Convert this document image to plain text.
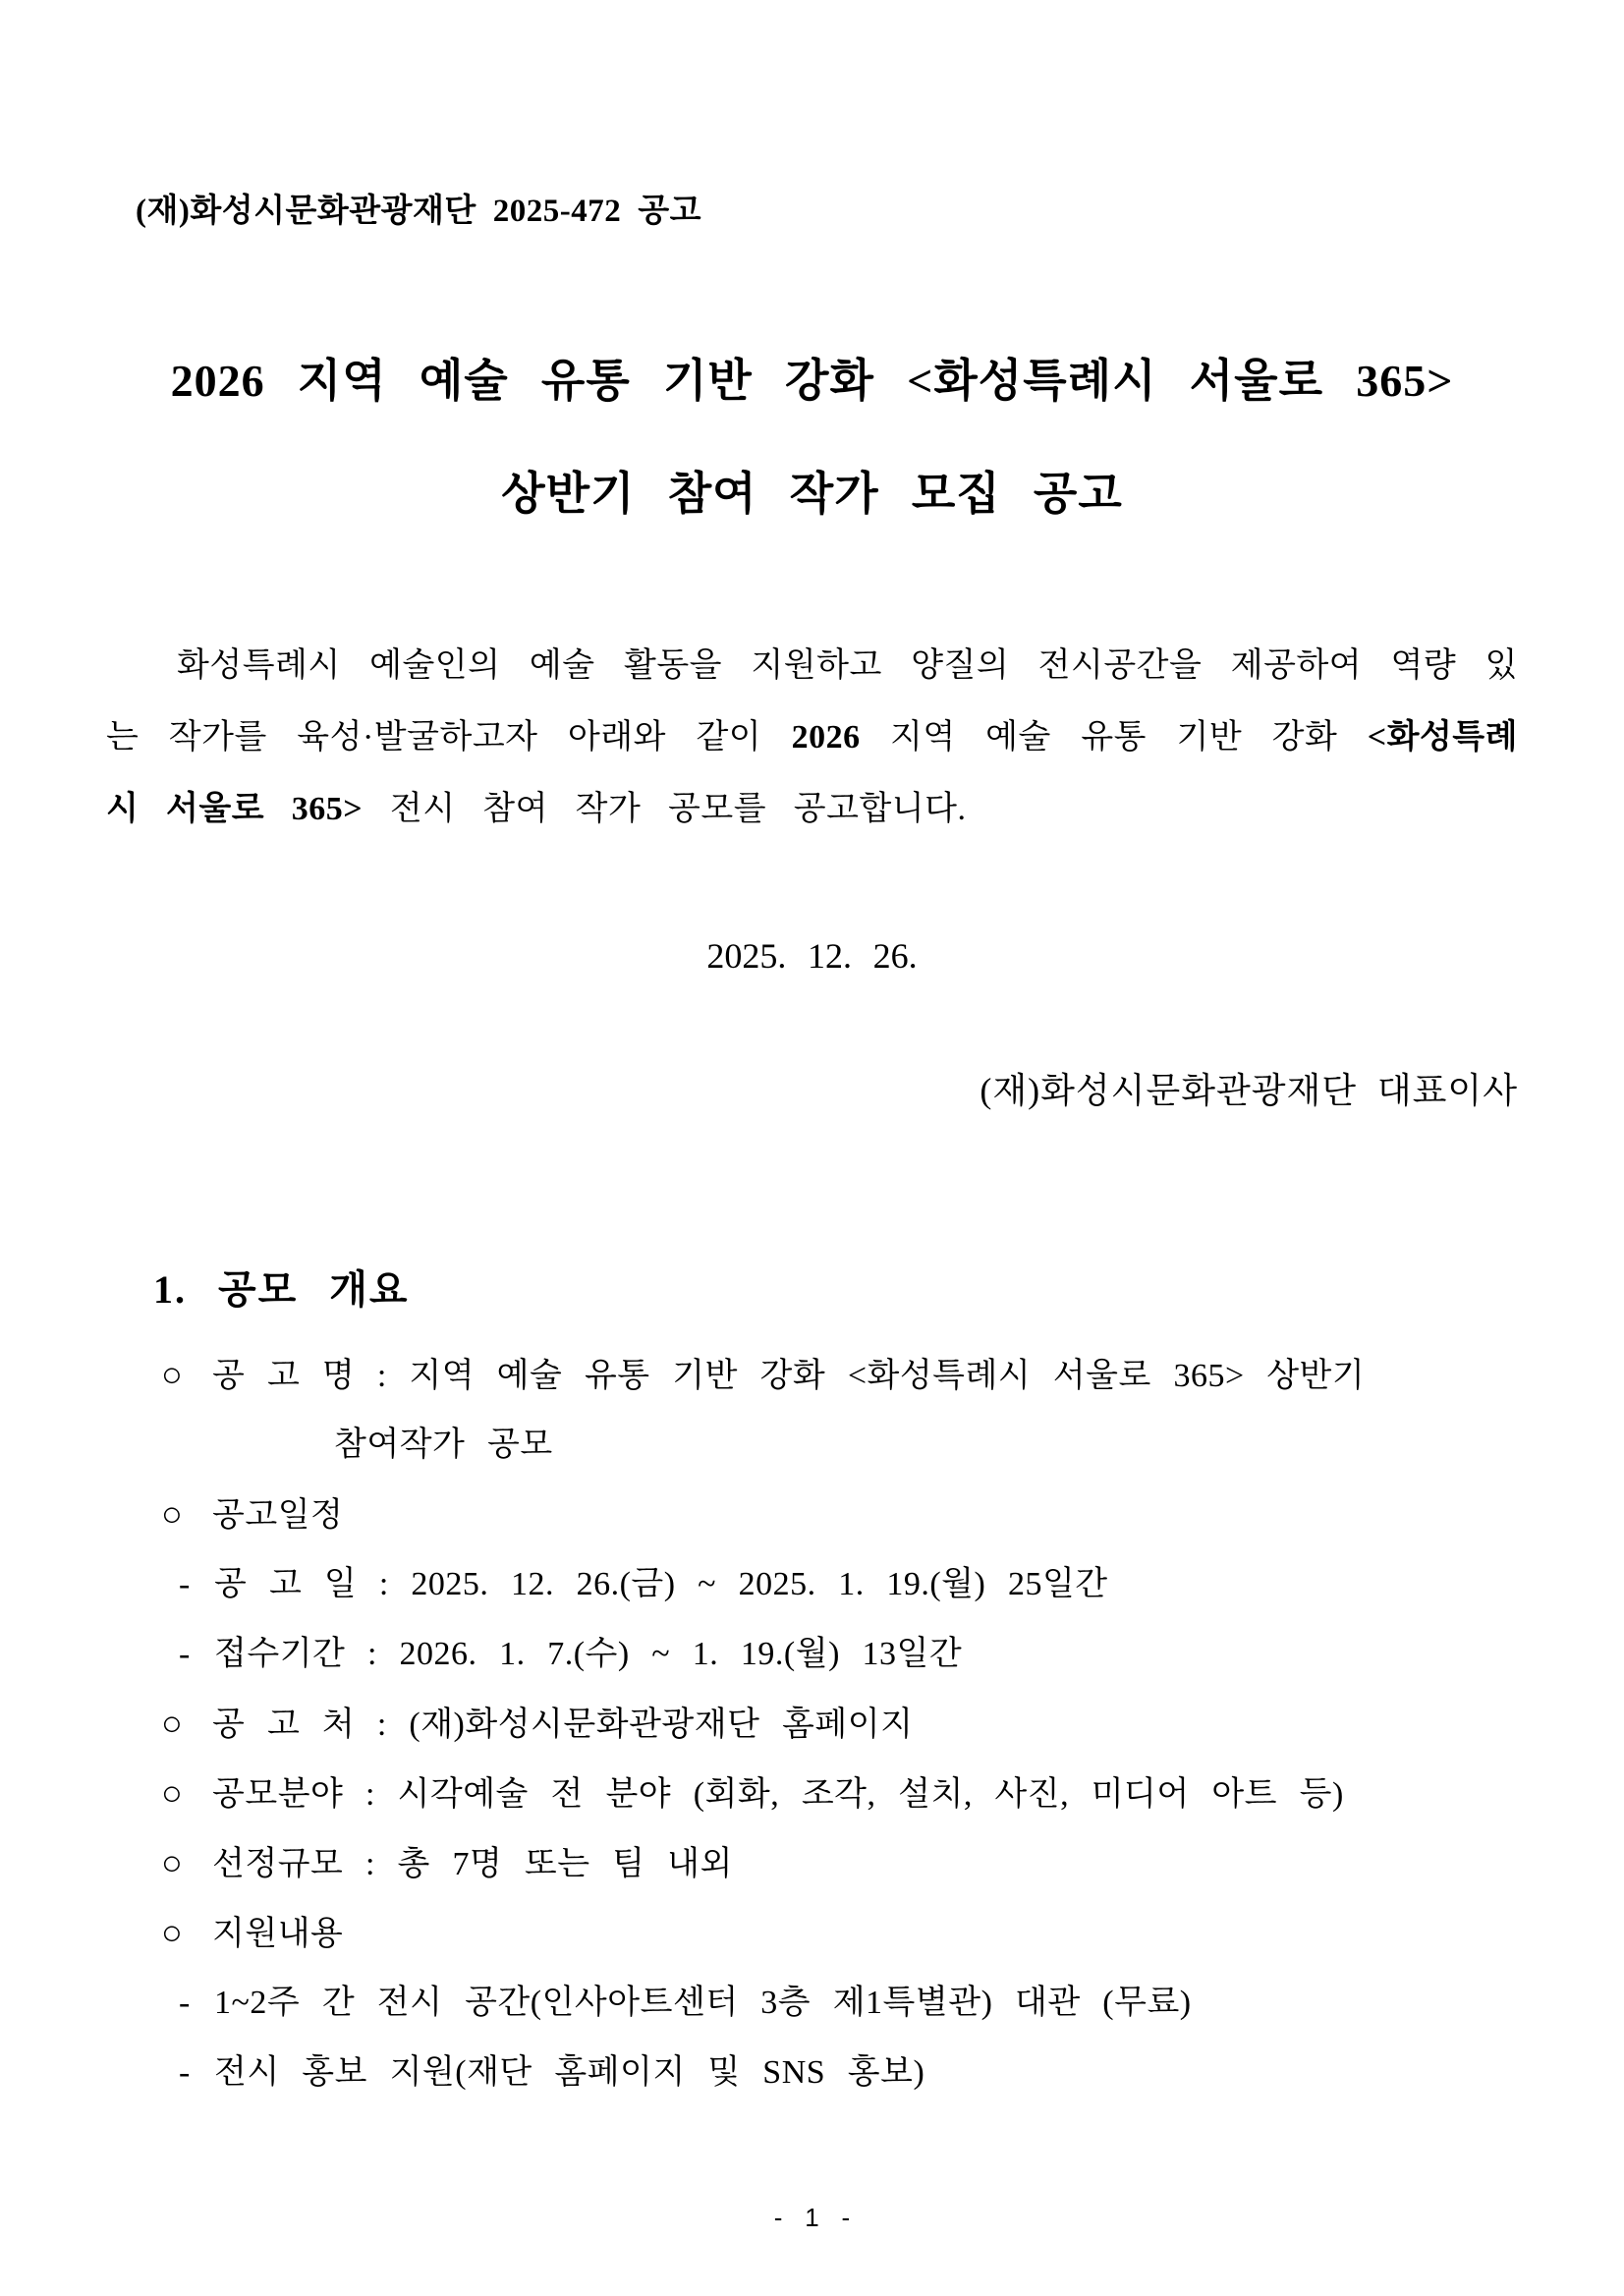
(재)화성시문화관광재단 2025-472 공고
2026 지역 예술 유통 기반 강화 <화성특례시 서울로 365>
상반기 참여 작가 모집 공고

화성특례시 예술인의 예술 활동을 지원하고 양질의 전시공간을 제공하여 역량 있는 작가를 육성·발굴하고자 아래와 같이 2026 지역 예술 유통 기반 강화 <화성특례시 서울로 365> 전시 참여 작가 공모를 공고합니다.

2025. 12. 26.
(재)화성시문화관광재단 대표이사
1. 공모 개요
○ 공 고 명 : 지역 예술 유통 기반 강화 <화성특례시 서울로 365> 상반기
참여작가 공모
○ 공고일정
- 공 고 일 : 2025. 12. 26.(금) ~ 2025. 1. 19.(월) 25일간
- 접수기간 : 2026. 1. 7.(수) ~ 1. 19.(월) 13일간
○ 공 고 처 : (재)화성시문화관광재단 홈페이지
○ 공모분야 : 시각예술 전 분야 (회화, 조각, 설치, 사진, 미디어 아트 등)
○ 선정규모 : 총 7명 또는 팀 내외
○ 지원내용
- 1~2주 간 전시 공간(인사아트센터 3층 제1특별관) 대관 (무료)
- 전시 홍보 지원(재단 홈페이지 및 SNS 홍보)
- 1 -
